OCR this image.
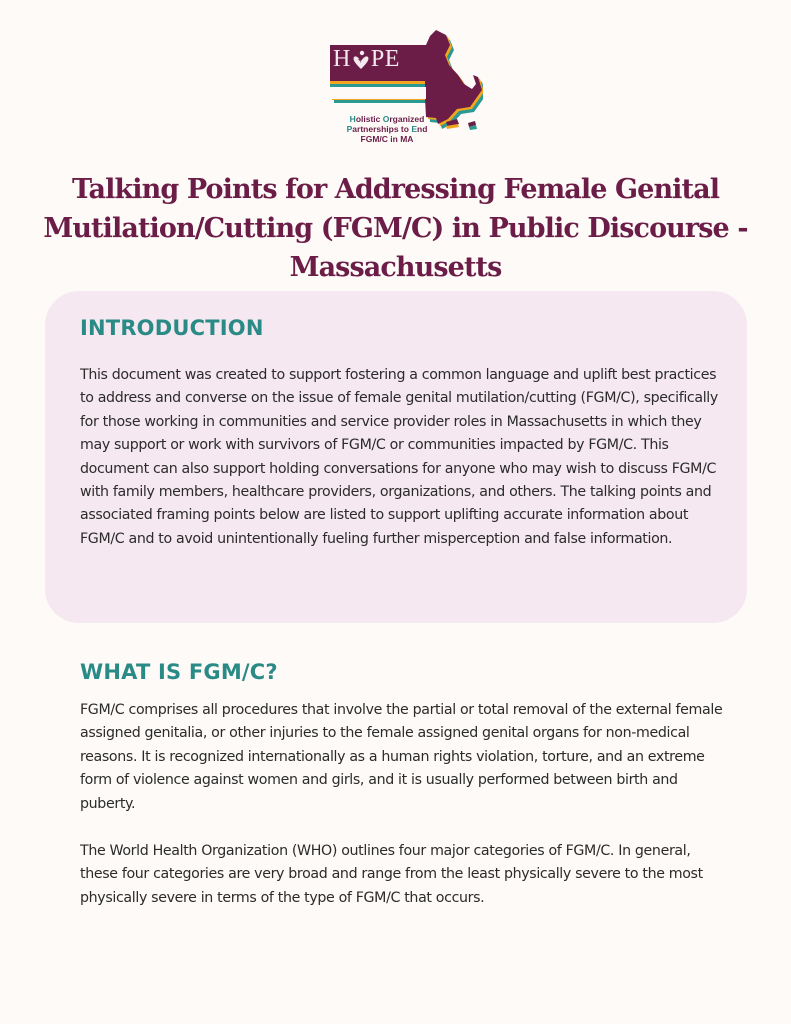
H PE
Holistic Organized
Partnerships to End
FGM/C in MA
Talking Points for Addressing Female Genital Mutilation/Cutting (FGM/C) in Public Discourse - Massachusetts
INTRODUCTION

This document was created to support fostering a common language and uplift best practices to address and converse on the issue of female genital mutilation/cutting (FGM/C), specifically for those working in communities and service provider roles in Massachusetts in which they may support or work with survivors of FGM/C or communities impacted by FGM/C. This document can also support holding conversations for anyone who may wish to discuss FGM/C with family members, healthcare providers, organizations, and others. The talking points and associated framing points below are listed to support uplifting accurate information about FGM/C and to avoid unintentionally fueling further misperception and false information.

WHAT IS FGM/C?

FGM/C comprises all procedures that involve the partial or total removal of the external female assigned genitalia, or other injuries to the female assigned genital organs for non-medical reasons. It is recognized internationally as a human rights violation, torture, and an extreme form of violence against women and girls, and it is usually performed between birth and puberty.

The World Health Organization (WHO) outlines four major categories of FGM/C. In general, these four categories are very broad and range from the least physically severe to the most physically severe in terms of the type of FGM/C that occurs.
